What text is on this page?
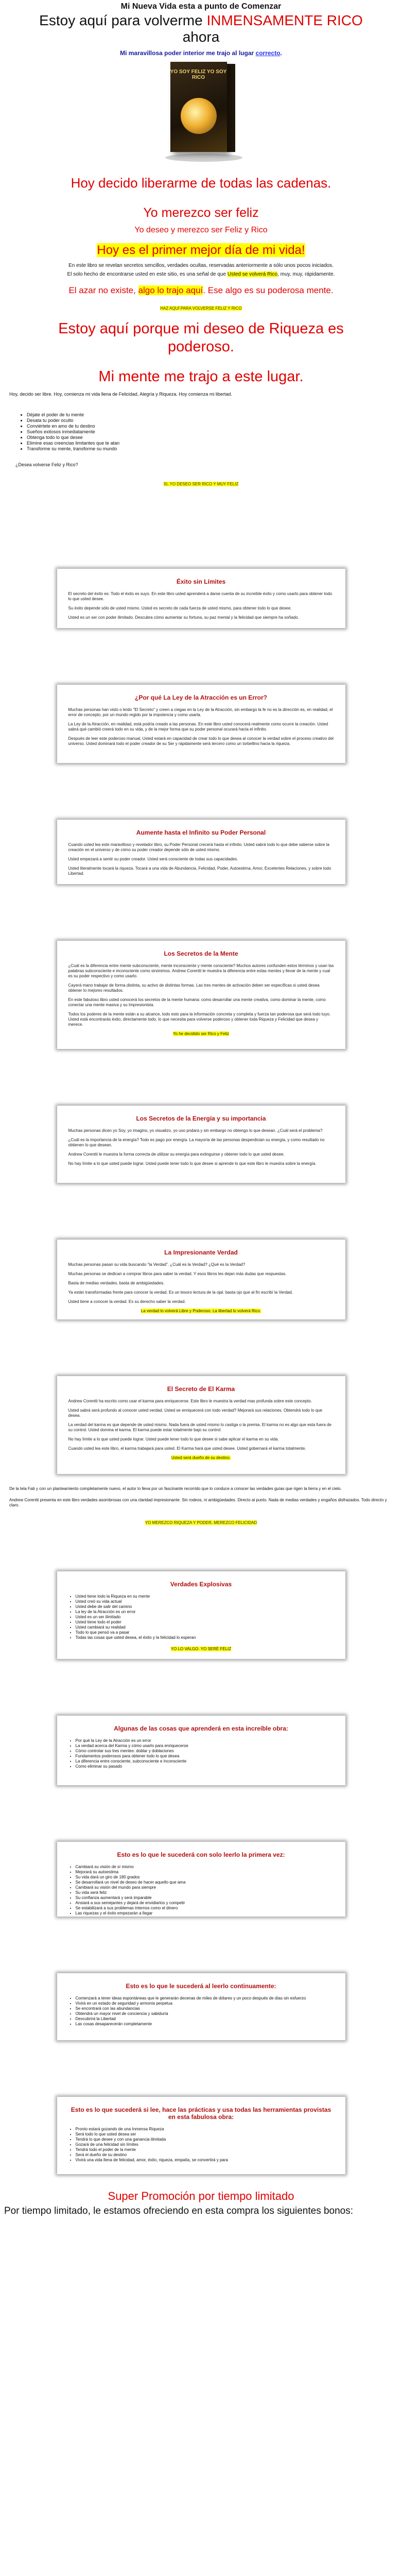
Mi Nueva Vida esta a punto de Comenzar
Estoy aquí para volverme INMENSAMENTE RICO ahora
Mi maravillosa poder interior me trajo al lugar correcto.
YO SOY FELIZ YO SOY RICO
Hoy decido liberarme de todas las cadenas.
Yo merezco ser feliz
Yo deseo y merezco ser Feliz y Rico
Hoy es el primer mejor día de mi vida!
En este libro se revelan secretos sencillos, verdades ocultas, reservadas anteriormente a sólo unos pocos iniciados.
El solo hecho de encontrarse usted en este sitio, es una señal de que Usted se volverá Rico, muy, muy, rápidamente.
El azar no existe, algo lo trajo aquí. Ese algo es su poderosa mente.
HAZ AQUÍ PARA VOLVERSE FELIZ Y RICO
Estoy aquí porque mi deseo de Riqueza es poderoso.
Mi mente me trajo a este lugar.
Hoy, decido ser libre. Hoy, comienza mi vida llena de Felicidad, Alegría y Riqueza. Hoy comienza mi libertad.
• Déjate el poder de tu mente
• Desata tu poder oculto
• Conviértete en amo de tu destino
• Sueños exitosos inmediatamente
• Obtenga todo lo que desee
• Elimine esas creencias limitantes que te atan
• Transforme su mente, transforme su mundo
¿Desea volverse Feliz y Rico?
SI, YO DESEO SER RICO Y MUY FELIZ
Éxito sin Límites

El secreto del éxito es: Todo el éxito es suyo. En este libro usted aprenderá a darse cuenta de su increíble éxito y como usarlo para obtener todo lo que usted desee.

Su éxito depende sólo de usted mismo. Usted es secreto de cada fuerza de usted mismo, para obtener todo lo que desee.

Usted es un ser con poder ilimitado. Descubra cómo aumentar su fortuna, su paz mental y la felicidad que siempre ha soñado.

¿Por qué La Ley de la Atracción es un Error?

Muchas personas han visto o leído "El Secreto" y creen a ciegas en la Ley de la Atracción, sin embargo la fe no es la dirección es, en realidad, el error de concepto, por un mundo regido por la impotencia y como usarla.

La Ley de la Atracción, en realidad, está podría creado a las personas. En este libro usted conocerá realmente como ocurre la creación. Usted sabrá qué cambió creerá todo en su vida, y de la mejor forma que su poder personal ocurará hacia el infinito.

Después de leer este poderoso manual, Usted estará en capacidad de crear todo lo que desea al conocer la verdad sobre el proceso creativo del universo. Usted dominará todo el poder creador de su Ser y rápidamente será tercero como un torbellino hacia la riqueza.

Aumente hasta el Infinito su Poder Personal

Cuando usted lea este maravilloso y revelador libro, su Poder Personal crecerá hasta el infinito. Usted sabrá todo lo que debe saberse sobre la creación en el universo y de cómo su poder creador depende sólo de usted mismo.

Usted empezará a sentir su poder creador. Usted será consciente de todas sus capacidades.

Usted literalmente tocará la riqueza. Tocará a una vida de Abundancia, Felicidad, Poder, Autoestima, Amor, Excelentes Relaciones, y sobre todo Libertad.

Los Secretos de la Mente

¿Cuál es la diferencia entre mente subconsciente, mente inconsciente y mente consciente? Muchos autores confunden estos términos y usan las palabras subconsciente e inconsciente como sinónimos. Andrew Corentti le muestra la diferencia entre estas mentes y llevar de la mente y cual es su poder respectivo y como usarlo.

Cayerá mano trabajar de forma distinta, su activo de distintas formas. Las tres mentes de activación deben ser específicas si usted desea obtener lo mejores resultados.

En este fabuloso libro usted conocerá los secretos de la mente humana: como desarrollar una mente creativa, como dominar la mente, como conectar una mente masiva y su Impresionista.

Todos los poderes de la mente están a su alcance, todo esto para la información concreta y completa y fuerza tan poderosa que será todo tuyo. Usted está encontrarás éxito, directamente todo, lo que necesita para volverse poderoso y obtener toda Riqueza y Felicidad que desea y merece.

Yo he decidido ser Rico y Feliz

Los Secretos de la Energía y su importancia

Muchas personas dicen yo Soy, yo imagino, yo visualizo, yo uso pndara y sin embargo no obtengo lo que desean. ¿Cuál será el problema?

¿Cuál es la importancia de la energía? Todo es pago por energía. La mayoría de las personas desperdician su energía, y como resultado no obtienen lo que desean.

Andrew Corentti le muestra la forma correcta de utilizar su energía para extinguirse y obtener todo lo que usted desee.

No hay límite a lo que usted puede lograr. Usted puede tener todo lo que desee si aprende lo que este libro le muestra sobre la energía.

La Impresionante Verdad

Muchas personas pasan su vida buscando "la Verdad". ¿Cuál es la Verdad? ¿Qué es la Verdad?

Muchas personas se dedican a comprar libros para saber la verdad. Y esos libros les dejan más dudas que respuestas.

Basta de medias verdades, basta de ambigüedades.

Ya están transformadas frente para conocer la verdad. Es un tesoro lectura de la ojal. basta ojo que al fin escribí la Verdad.

Usted tiene a conocer la verdad. Es su derecho saber la verdad.

La verdad lo volverá Libre y Poderoso. La libertad lo volverá Rico.

El Secreto de El Karma

Andrew Corentti ha escrito como usar el karma para enriquecerse. Este libro le muestra la verdad mas profunda sobre este concepto.

Usted sabrá será profundo al conocer usted verdad. Usted se enriquecerá con todo verdad? Mejorará sus relaciones. Obtendrá todo lo que desea.

La verdad del karma es que depende de usted mismo. Nada fuera de usted mismo lo castiga o la premia. El karma no es algo que esta fuera de su control. Usted domina el karma. El karma puede estar totalmente bajo su control.

No hay límite a lo que usted puede lograr. Usted puede tener todo lo que desee si sabe aplicar el karma en su vida.

Cuando usted lea este libro, el karma trabajará para usted. El Karma hará que usted desee. Usted gobernará el karma totalmente.

Usted será dueño de su destino.

De la tela Fab y con un planteamiento completamente nuevo, el autor lo lleva por un fascinante recorrido que lo conduce a conocer las verdades guías que rigen la tierra y en el cielo.
Andrew Corentti presenta en este libro verdades asombrosas con una claridad impresionante. Sin rodeos, ni ambigüedades. Directo al punto. Nada de medias verdades y engaños disfrazados. Todo directo y claro.
YO MEREZCO RIQUEZA Y PODER, MEREZCO FELICIDAD
Verdades Explosivas
• Usted tiene todo la Riqueza en su mente
• Usted creó su vida actual
• Usted debe de salir del camino
• La ley de la Atracción es un error
• Usted es un ser ilimitado
• Usted tiene todo el poder
• Usted cambiará su realidad
• Todo lo que pensó va a pasar
• Todas las cosas que usted desea, el éxito y la felicidad lo esperan

YO LO VALGO. YO SERÉ FELIZ

Algunas de las cosas que aprenderá en esta increíble obra:
• Por qué la Ley de la Atracción es un error
• La verdad acerca del Karma y cómo usarlo para enriquecerse
• Cómo controlar sus tres mentes: doblar y doblaciones
• Fundamentos poderosos para obtener todo lo que desea
• La diferencia entre consciente, subconsciente e inconsciente
• Como eliminar su pasado
Esto es lo que le sucederá con solo leerlo la primera vez:
• Cambiará su visión de sí mismo
• Mejorará su autoestima
• Su vida dará un giro de 180 grados
• Se desarrollará un nivel de deseo de hacer aquello que ama
• Cambiará su visión del mundo para siempre
• Su vida será feliz
• Su confianza aumentará y será imparable
• Ansiará a sus semejantes y dejará de envidiarlos y competir
• Se estabilizará a sus problemas internos como el dinero
• Las riquezas y el éxito empezarán a llegar
Esto es lo que le sucederá al leerlo continuamente:
• Comenzará a tener ideas espontáneas que le generarán decenas de miles de dólares y un poco después de días sin esfuerzo
• Vivirá en un estado de seguridad y armonía perpetua
• Se encontrará con las abundancias
• Obtendrá un mayor nivel de conciencia y sabiduría
• Descubrirá la Libertad
• Las cosas desaparecerán completamente
Esto es lo que sucederá si lee, hace las prácticas y usa todas las herramientas provistas en esta fabulosa obra:
• Pronto estará gozando de una Inmensa Riqueza
• Será todo lo que usted desea ser
• Tendrá lo que desee y con una ganancia ilimitada
• Gozará de una felicidad sin límites
• Tendrá todo el poder de la mente
• Será el dueño de su destino
• Vivirá una vida llena de felicidad, amor, éxito, riqueza, empatía, se convertirá y para
Super Promoción por tiempo limitado
Por tiempo limitado, le estamos ofreciendo en esta compra los siguientes bonos:
